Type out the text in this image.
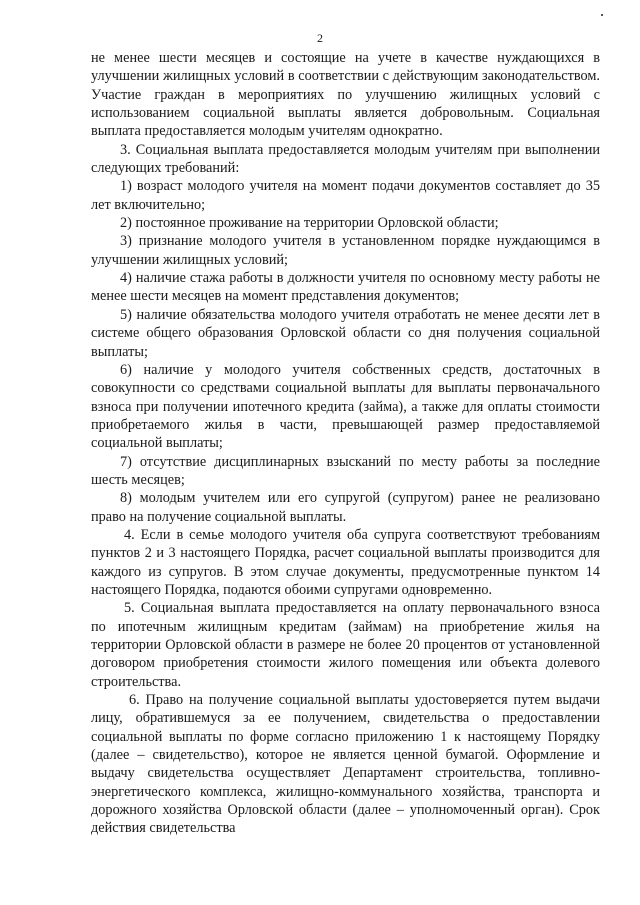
2

не менее шести месяцев и состоящие на учете в качестве нуждающихся в улучшении жилищных условий в соответствии с действующим законодательством. Участие граждан в мероприятиях по улучшению жилищных условий с использованием социальной выплаты является добровольным. Социальная выплата предоставляется молодым учителям однократно.

3. Социальная выплата предоставляется молодым учителям при выполнении следующих требований:

1) возраст молодого учителя на момент подачи документов составляет до 35 лет включительно;

2) постоянное проживание на территории Орловской области;

3) признание молодого учителя в установленном порядке нуждающимся в улучшении жилищных условий;

4) наличие стажа работы в должности учителя по основному месту работы не менее шести месяцев на момент представления документов;

5) наличие обязательства молодого учителя отработать не менее десяти лет в системе общего образования Орловской области со дня получения социальной выплаты;

6) наличие у молодого учителя собственных средств, достаточных в совокупности со средствами социальной выплаты для выплаты первоначального взноса при получении ипотечного кредита (займа), а также для оплаты стоимости приобретаемого жилья в части, превышающей размер предоставляемой социальной выплаты;

7) отсутствие дисциплинарных взысканий по месту работы за последние шесть месяцев;

8) молодым учителем или его супругой (супругом) ранее не реализовано право на получение социальной выплаты.

4. Если в семье молодого учителя оба супруга соответствуют требованиям пунктов 2 и 3 настоящего Порядка, расчет социальной выплаты производится для каждого из супругов. В этом случае документы, предусмотренные пунктом 14 настоящего Порядка, подаются обоими супругами одновременно.

5. Социальная выплата предоставляется на оплату первоначального взноса по ипотечным жилищным кредитам (займам) на приобретение жилья на территории Орловской области в размере не более 20 процентов от установленной договором приобретения стоимости жилого помещения или объекта долевого строительства.

6. Право на получение социальной выплаты удостоверяется путем выдачи лицу, обратившемуся за ее получением, свидетельства о предоставлении социальной выплаты по форме согласно приложению 1 к настоящему Порядку (далее – свидетельство), которое не является ценной бумагой. Оформление и выдачу свидетельства осуществляет Департамент строительства, топливно-энергетического комплекса, жилищно-коммунального хозяйства, транспорта и дорожного хозяйства Орловской области (далее – уполномоченный орган). Срок действия свидетельства
